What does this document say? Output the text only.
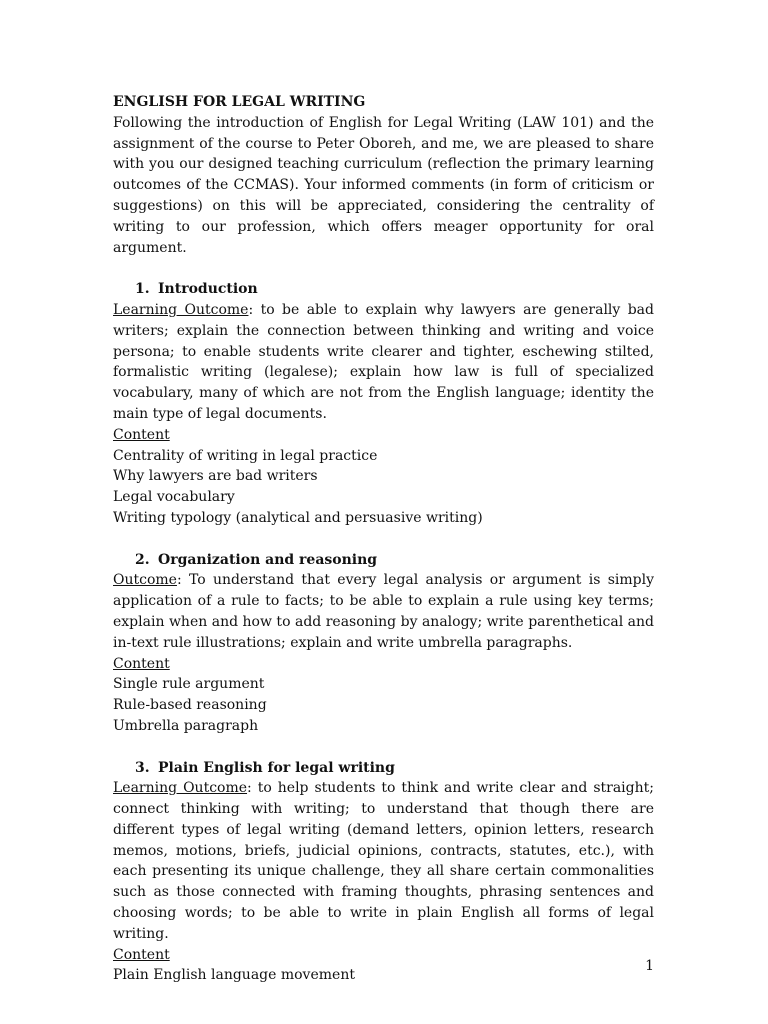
ENGLISH FOR LEGAL WRITING

Following the introduction of English for Legal Writing (LAW 101) and the assignment of the course to Peter Oboreh, and me, we are pleased to share with you our designed teaching curriculum (reflection the primary learning outcomes of the CCMAS). Your informed comments (in form of criticism or suggestions) on this will be appreciated, considering the centrality of writing to our profession, which offers meager opportunity for oral argument.

1. Introduction

Learning Outcome: to be able to explain why lawyers are generally bad writers; explain the connection between thinking and writing and voice persona; to enable students write clearer and tighter, eschewing stilted, formalistic writing (legalese); explain how law is full of specialized vocabulary, many of which are not from the English language; identity the main type of legal documents.

Content

Centrality of writing in legal practice

Why lawyers are bad writers

Legal vocabulary

Writing typology (analytical and persuasive writing)

2. Organization and reasoning

Outcome: To understand that every legal analysis or argument is simply application of a rule to facts; to be able to explain a rule using key terms; explain when and how to add reasoning by analogy; write parenthetical and in-text rule illustrations; explain and write umbrella paragraphs.

Content

Single rule argument

Rule-based reasoning

Umbrella paragraph

3. Plain English for legal writing

Learning Outcome: to help students to think and write clear and straight; connect thinking with writing; to understand that though there are different types of legal writing (demand letters, opinion letters, research memos, motions, briefs, judicial opinions, contracts, statutes, etc.), with each presenting its unique challenge, they all share certain commonalities such as those connected with framing thoughts, phrasing sentences and choosing words; to be able to write in plain English all forms of legal writing.

Content

Plain English language movement

1
